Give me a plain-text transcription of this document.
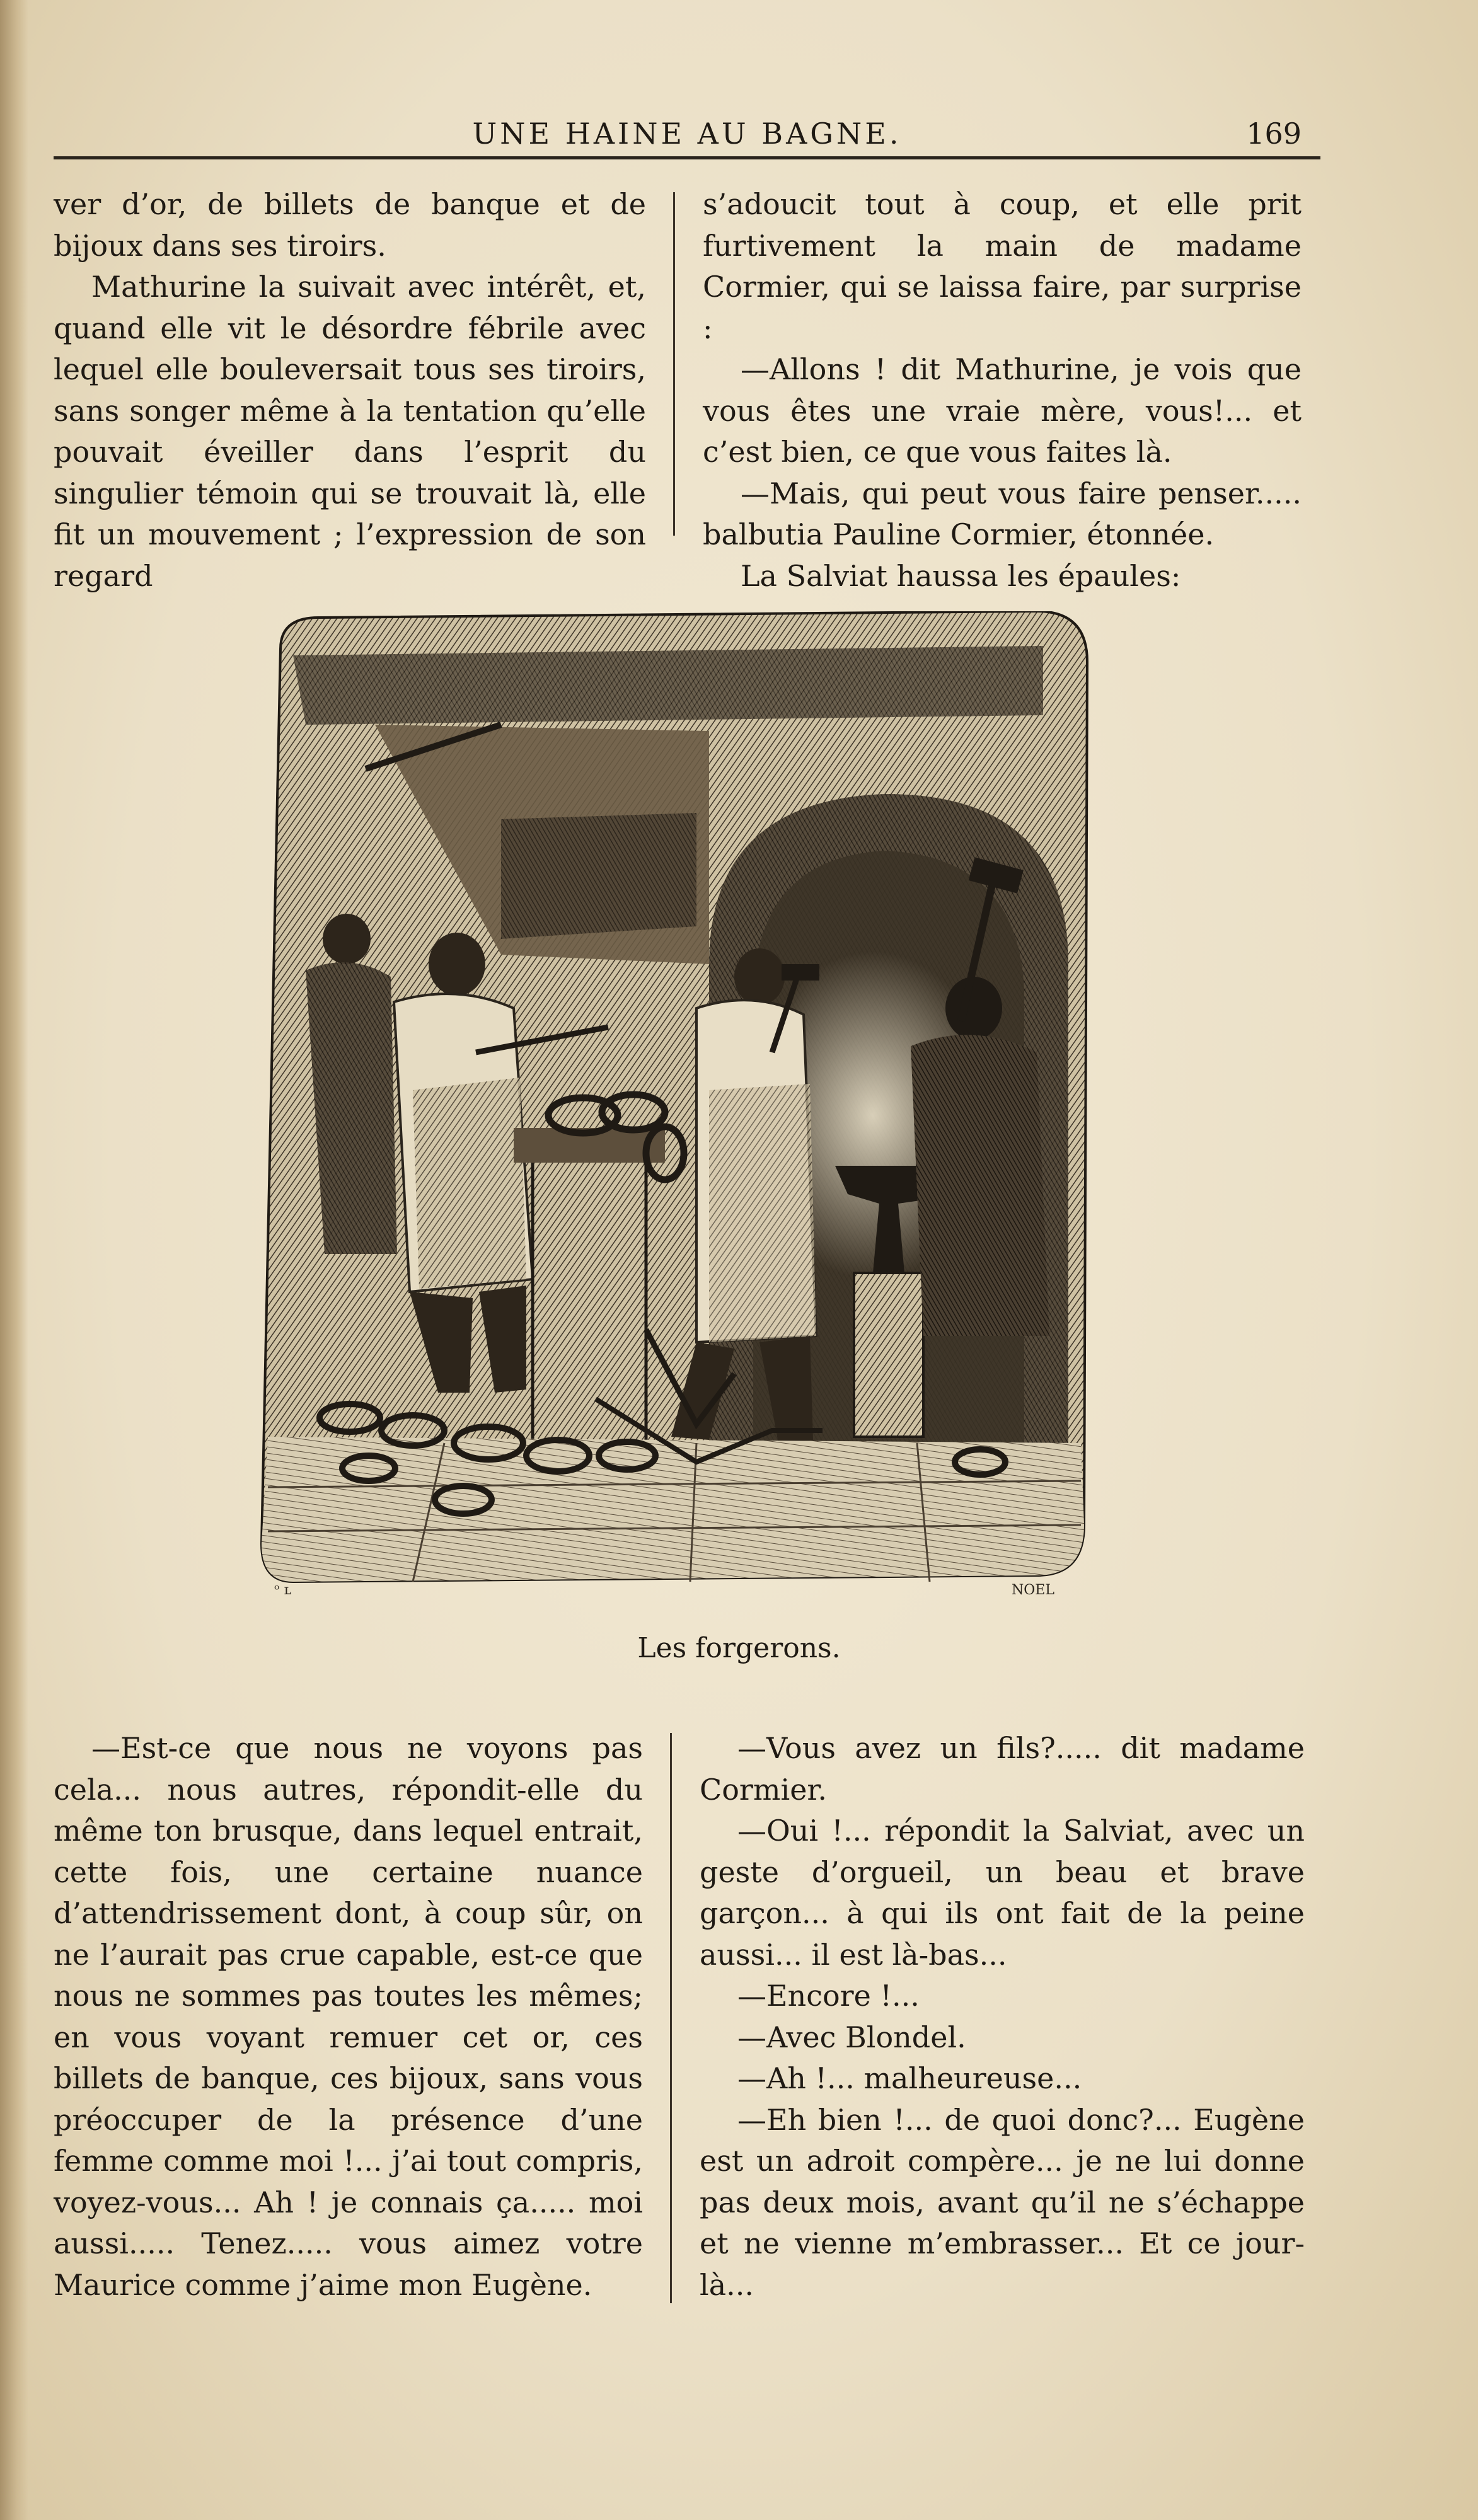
UNE HAINE AU BAGNE.	169

ver d’or, de billets de banque et de bijoux dans ses tiroirs.

Mathurine la suivait avec intérêt, et, quand elle vit le désordre fébrile avec lequel elle bouleversait tous ses tiroirs, sans songer même à la tentation qu’elle pouvait éveiller dans l’esprit du singulier témoin qui se trouvait là, elle fit un mouvement ; l’expression de son regard

s’adoucit tout à coup, et elle prit furtivement la main de madame Cormier, qui se laissa faire, par surprise :

—Allons ! dit Mathurine, je vois que vous êtes une vraie mère, vous!... et c’est bien, ce que vous faites là.

—Mais, qui peut vous faire penser..... balbutia Pauline Cormier, étonnée.

La Salviat haussa les épaules:

ᵒ ʟ	NOEL
Les forgerons.

—Est-ce que nous ne voyons pas cela... nous autres, répondit-elle du même ton brusque, dans lequel entrait, cette fois, une certaine nuance d’attendrissement dont, à coup sûr, on ne l’aurait pas crue capable, est-ce que nous ne sommes pas toutes les mêmes; en vous voyant remuer cet or, ces billets de banque, ces bijoux, sans vous préoccuper de la présence d’une femme comme moi !... j’ai tout compris, voyez-vous... Ah ! je connais ça..... moi aussi..... Tenez..... vous aimez votre Maurice comme j’aime mon Eugène.

—Vous avez un fils?..... dit madame Cormier.

—Oui !... répondit la Salviat, avec un geste d’orgueil, un beau et brave garçon... à qui ils ont fait de la peine aussi... il est là-bas...

—Encore !...

—Avec Blondel.

—Ah !... malheureuse...

—Eh bien !... de quoi donc?... Eugène est un adroit compère... je ne lui donne pas deux mois, avant qu’il ne s’échappe et ne vienne m’embrasser... Et ce jour-là...
